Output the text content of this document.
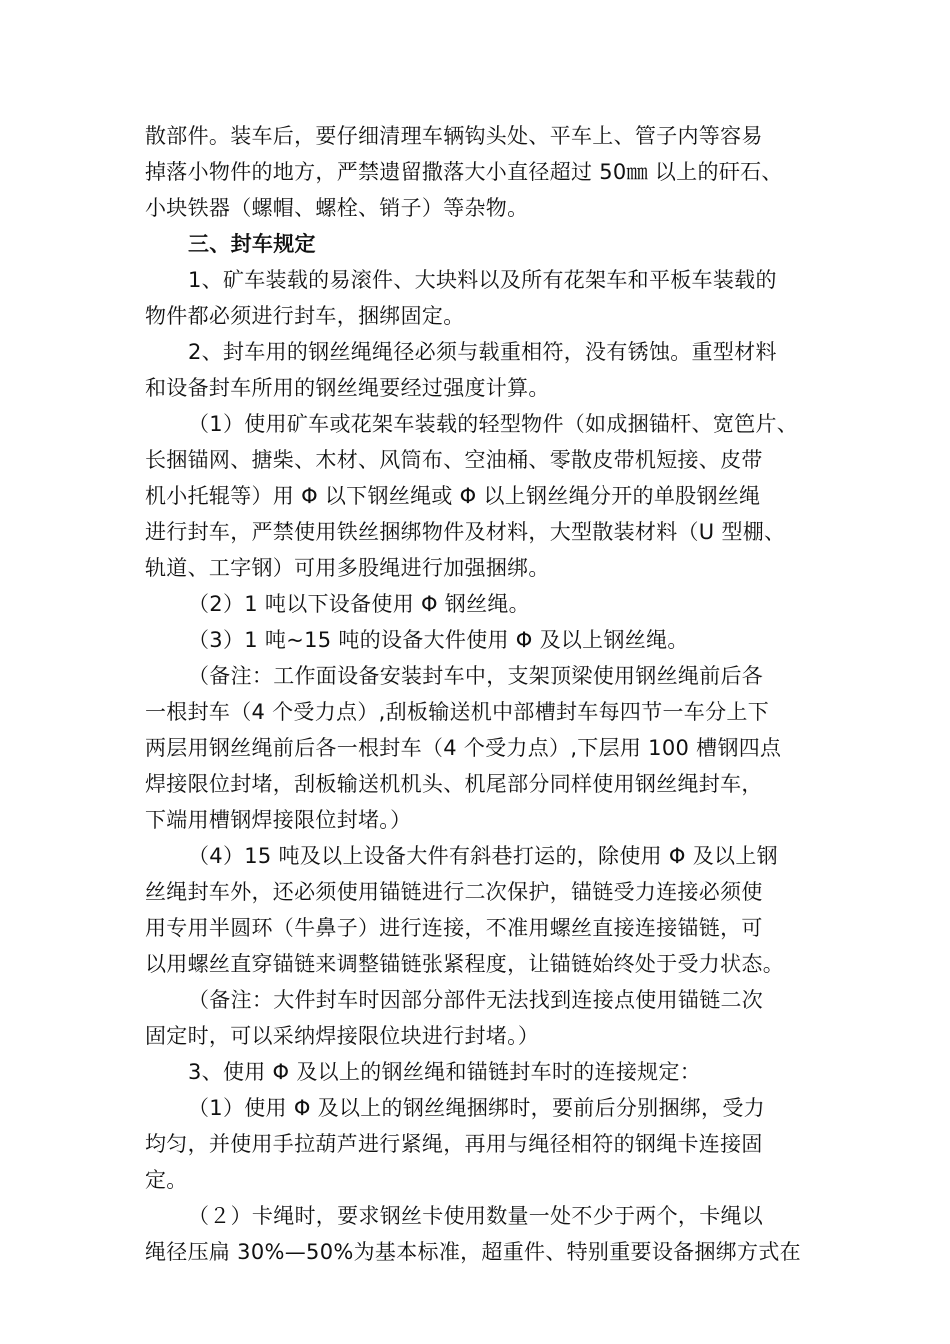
散部件。装车后，要仔细清理车辆钩头处、平车上、管子内等容易
掉落小物件的地方，严禁遗留撒落大小直径超过 50㎜ 以上的矸石、
小块铁器（螺帽、螺栓、销子）等杂物。
三、封车规定
1、矿车装载的易滚件、大块料以及所有花架车和平板车装载的
物件都必须进行封车，捆绑固定。
2、封车用的钢丝绳绳径必须与载重相符，没有锈蚀。重型材料
和设备封车所用的钢丝绳要经过强度计算。
（1）使用矿车或花架车装载的轻型物件（如成捆锚杆、宽笆片、
长捆锚网、搪柴、木材、风筒布、空油桶、零散皮带机短接、皮带
机小托辊等）用 Φ 以下钢丝绳或 Φ 以上钢丝绳分开的单股钢丝绳
进行封车，严禁使用铁丝捆绑物件及材料，大型散装材料（U 型棚、
轨道、工字钢）可用多股绳进行加强捆绑。
（2）1 吨以下设备使用 Φ 钢丝绳。
（3）1 吨~15 吨的设备大件使用 Φ 及以上钢丝绳。
（备注：工作面设备安装封车中，支架顶梁使用钢丝绳前后各
一根封车（4 个受力点）,刮板输送机中部槽封车每四节一车分上下
两层用钢丝绳前后各一根封车（4 个受力点）,下层用 100 槽钢四点
焊接限位封堵，刮板输送机机头、机尾部分同样使用钢丝绳封车，
下端用槽钢焊接限位封堵。）
（4）15 吨及以上设备大件有斜巷打运的，除使用 Φ 及以上钢
丝绳封车外，还必须使用锚链进行二次保护，锚链受力连接必须使
用专用半圆环（牛鼻子）进行连接，不准用螺丝直接连接锚链，可
以用螺丝直穿锚链来调整锚链张紧程度，让锚链始终处于受力状态。
（备注：大件封车时因部分部件无法找到连接点使用锚链二次
固定时，可以采纳焊接限位块进行封堵。）
3、使用 Φ 及以上的钢丝绳和锚链封车时的连接规定：
（1）使用 Φ 及以上的钢丝绳捆绑时，要前后分别捆绑，受力
均匀，并使用手拉葫芦进行紧绳，再用与绳径相符的钢绳卡连接固
定。
（２）卡绳时，要求钢丝卡使用数量一处不少于两个，卡绳以
绳径压扁 30%—50%为基本标准，超重件、特别重要设备捆绑方式在
